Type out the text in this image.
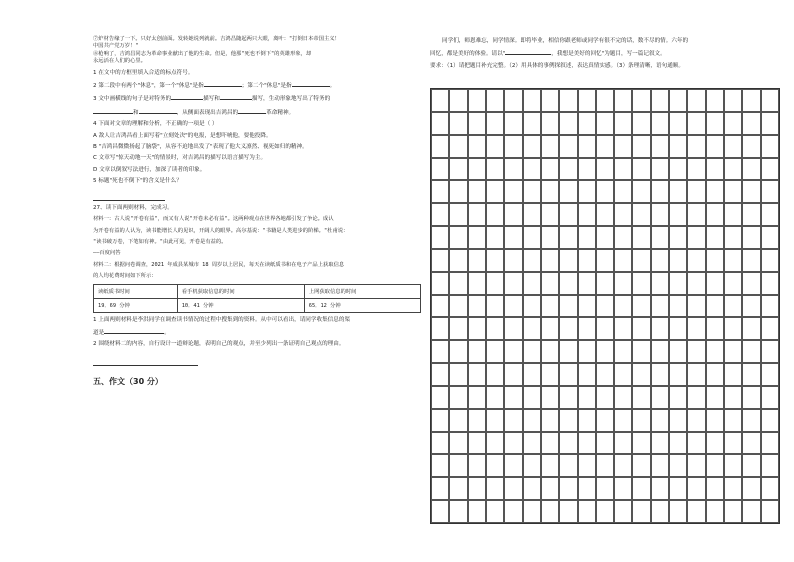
⑦炉材告缘了一下。只好太创前面。发转她说列就前。吉鸿昌随起两只大眼，离叶："打倒日本帝国主义！

中国共产党万岁！"

⑧枪响了，吉鸿昌同志为革命事业献出了他的生命。但是，他那"死也不倒下"的英雄形象，却

永远活在人们的心里。

1 在文中的方框里填入合适的标点符号。

2 第二段中有两个"休息"，第一个"休息"是指	；第二个"休息"是指	。

3 文中画横线的句子是对特务的	描写和	描写，生动形象地写出了特务的

和	，从侧面表现出吉鸿昌的	革命精神。

4 下面对文章的理解和分析，不正确的一项是（ ）

A 敌人让吉鸿昌看上面写着"立刻处决"的电报，是想吓唬他，要他投降。

B "吉鸿昌微微扬起了脑袋"，从容不迫地出发了"表现了他大义凛然、视死如归的精神。

C 文章写"惊天动地一天"的情景时，对吉鸿昌的描写以语言描写为主。

D 文章以倒叙写法进行，加深了读者的印象。

5 标题"死也不倒下"的含义是什么？

27、读下面两则材料，完成习。

材料一：古人说"开卷有益"，而又有人说"开卷未必有益"。这两种观点在世界各地都引发了争论。成认

为开卷有益的人认为，读书能增长人的见识，开阔人的眼界。高尔基说："书籍是人类进步的阶梯。"杜甫说：

"读书破万卷，下笔如有神。"由此可见，开卷是有益的。

——百度问答

材料二：根据问卷调查，2021 年成县某城市 18 周岁以上居民，每天在读纸质书和在电子产品上获取信息

的人均花费时间如下所示：

读纸质书时间	看手机获取信息的时间	上网获取信息的时间
19．69 分钟	10．41 分钟	65．12 分钟

1 上面两则材料是李洪同学在调查读书情况的过程中搜集到的资料。从中可以看出，请同学收集信息的渠

道是	。

2 围绕材料二的内容，自行设计一道辩论题，表明自己的观点，并至少列出一条证明自己观点的理由。

五、作文（30 分）

同学们，师恩难忘，同学情深。即将毕业，相信你跟老师或同学有很不完的话，数不尽的情。六年的

回忆，都是美好的体验。请以"	，我想是美好的回忆"为题目，写一篇记叙文。

要求：（1）请把题目补充完整。（2）用具体的事例探叙述，表达真情实感。（3）条理清晰，语句通顺。
